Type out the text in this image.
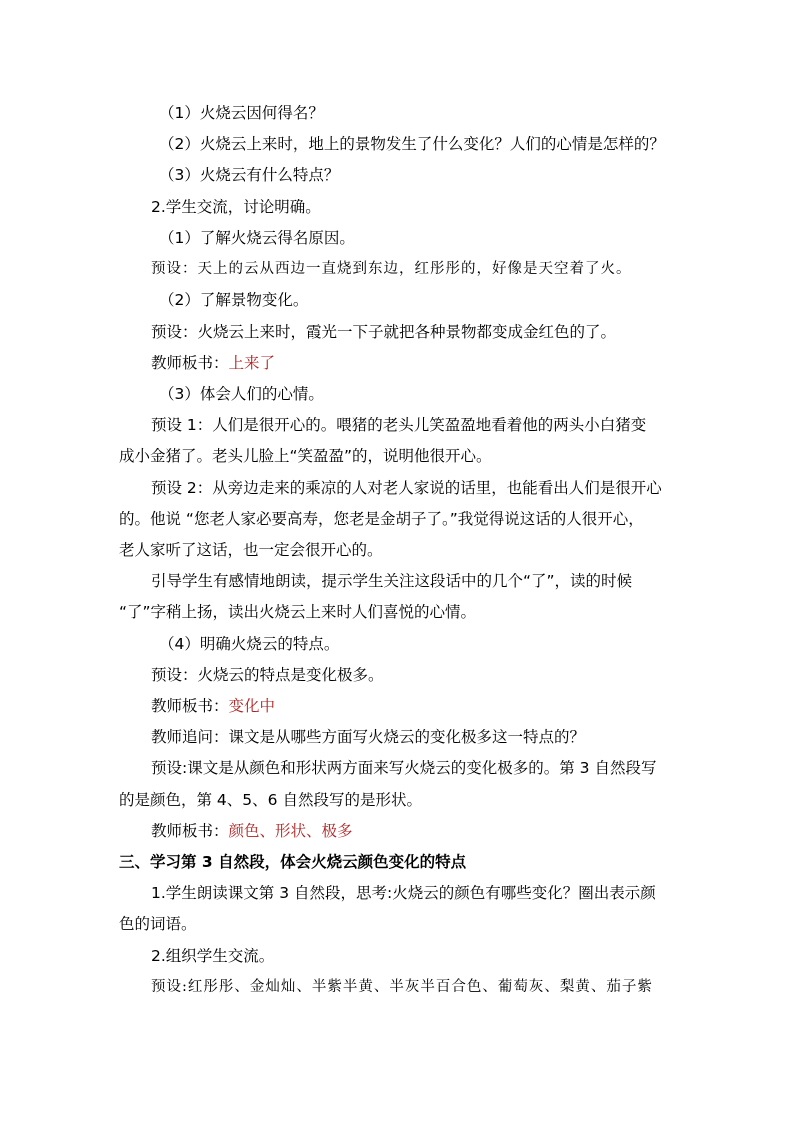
（1）火烧云因何得名？
（2）火烧云上来时，地上的景物发生了什么变化？人们的心情是怎样的？
（3）火烧云有什么特点？
2.学生交流，讨论明确。
（1）了解火烧云得名原因。
预设：天上的云从西边一直烧到东边，红彤彤的，好像是天空着了火。
（2）了解景物变化。
预设：火烧云上来时，霞光一下子就把各种景物都变成金红色的了。
教师板书：上来了
（3）体会人们的心情。
预设 1：人们是很开心的。喂猪的老头儿笑盈盈地看着他的两头小白猪变
成小金猪了。老头儿脸上“笑盈盈”的，说明他很开心。
预设 2：从旁边走来的乘凉的人对老人家说的话里，也能看出人们是很开心
的。他说 “您老人家必要高寿，您老是金胡子了。”我觉得说这话的人很开心，
老人家听了这话，也一定会很开心的。
引导学生有感情地朗读，提示学生关注这段话中的几个“了”，读的时候
“了”字稍上扬，读出火烧云上来时人们喜悦的心情。
（4）明确火烧云的特点。
预设：火烧云的特点是变化极多。
教师板书：变化中
教师追问：课文是从哪些方面写火烧云的变化极多这一特点的？
预设:课文是从颜色和形状两方面来写火烧云的变化极多的。第 3 自然段写
的是颜色，第 4、5、6 自然段写的是形状。
教师板书：颜色、形状、极多
三、学习第 3 自然段，体会火烧云颜色变化的特点
1.学生朗读课文第 3 自然段，思考:火烧云的颜色有哪些变化？圈出表示颜
色的词语。
2.组织学生交流。
预设:红彤彤、金灿灿、半紫半黄、半灰半百合色、葡萄灰、梨黄、茄子紫
